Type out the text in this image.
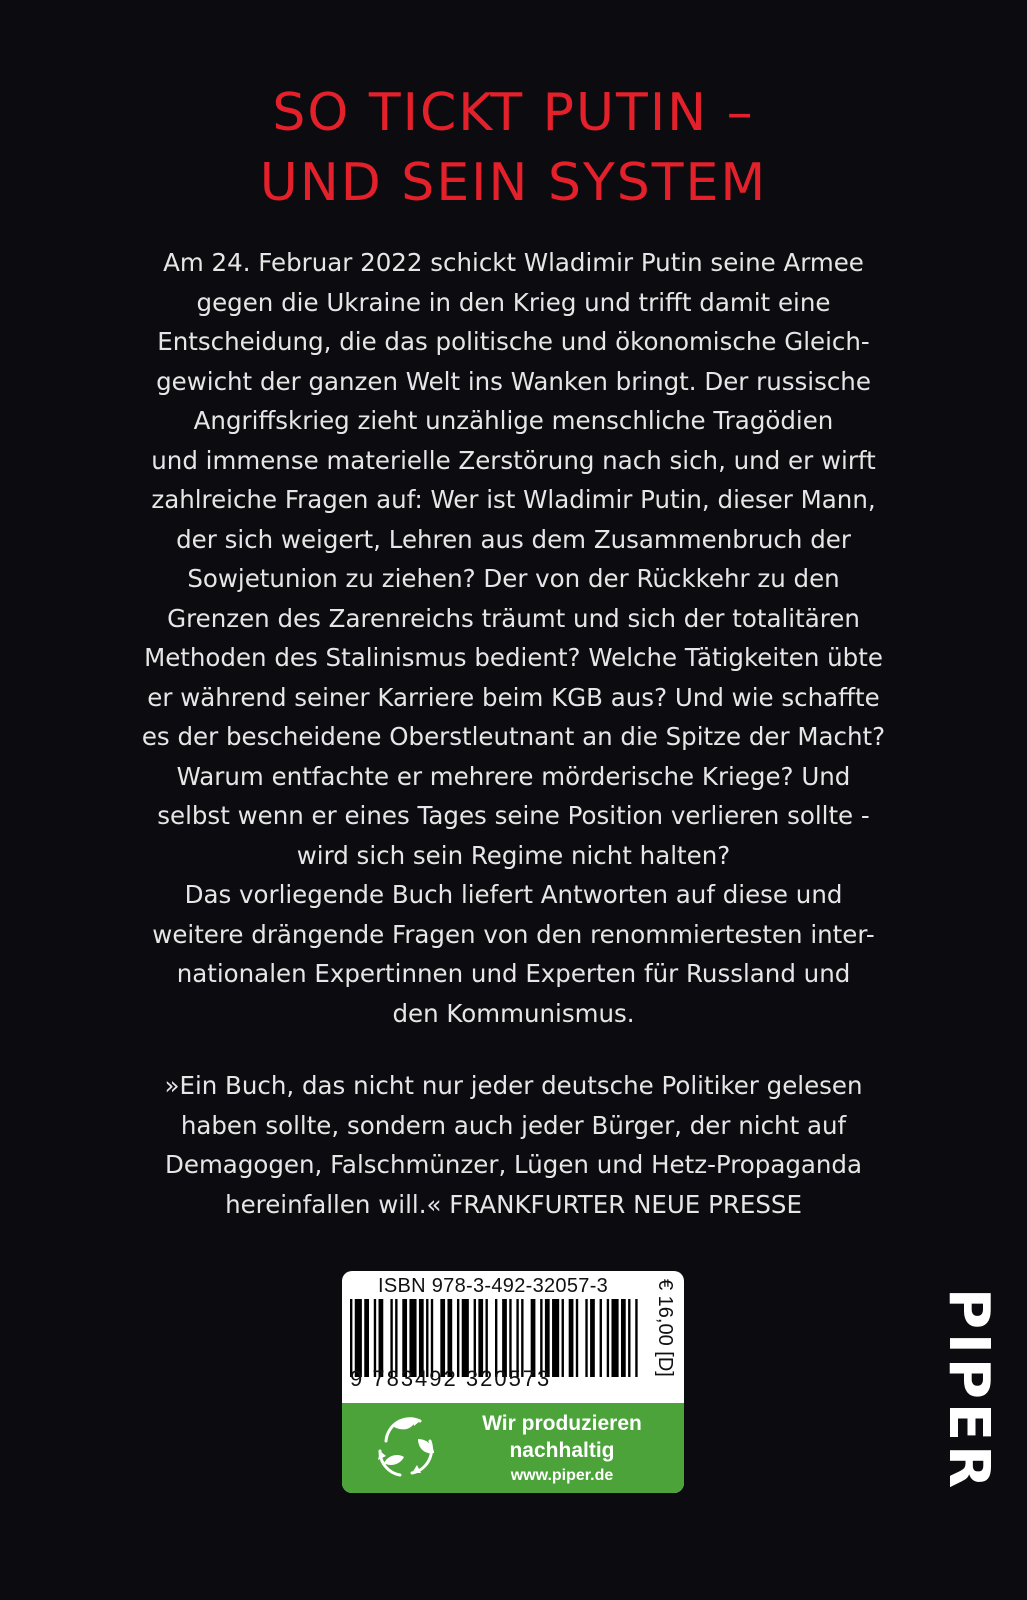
SO TICKT PUTIN –
UND SEIN SYSTEM
Am 24. Februar 2022 schickt Wladimir Putin seine Armee
gegen die Ukraine in den Krieg und trifft damit eine
Entscheidung, die das politische und ökonomische Gleich-
gewicht der ganzen Welt ins Wanken bringt. Der russische
Angriffskrieg zieht unzählige menschliche Tragödien
und immense materielle Zerstörung nach sich, und er wirft
zahlreiche Fragen auf: Wer ist Wladimir Putin, dieser Mann,
der sich weigert, Lehren aus dem Zusammenbruch der
Sowjetunion zu ziehen? Der von der Rückkehr zu den
Grenzen des Zarenreichs träumt und sich der totalitären
Methoden des Stalinismus bedient? Welche Tätigkeiten übte
er während seiner Karriere beim KGB aus? Und wie schaffte
es der bescheidene Oberstleutnant an die Spitze der Macht?
Warum entfachte er mehrere mörderische Kriege? Und
selbst wenn er eines Tages seine Position verlieren sollte -
wird sich sein Regime nicht halten?
Das vorliegende Buch liefert Antworten auf diese und
weitere drängende Fragen von den renommiertesten inter-
nationalen Expertinnen und Experten für Russland und
den Kommunismus.
»Ein Buch, das nicht nur jeder deutsche Politiker gelesen
haben sollte, sondern auch jeder Bürger, der nicht auf
Demagogen, Falschmünzer, Lügen und Hetz-Propaganda
hereinfallen will.« FRANKFURTER NEUE PRESSE
ISBN 978-3-492-32057-3
9 783492 320573
€ 16,00 [D]
Wir produzieren
nachhaltig
www.piper.de	PIPER
